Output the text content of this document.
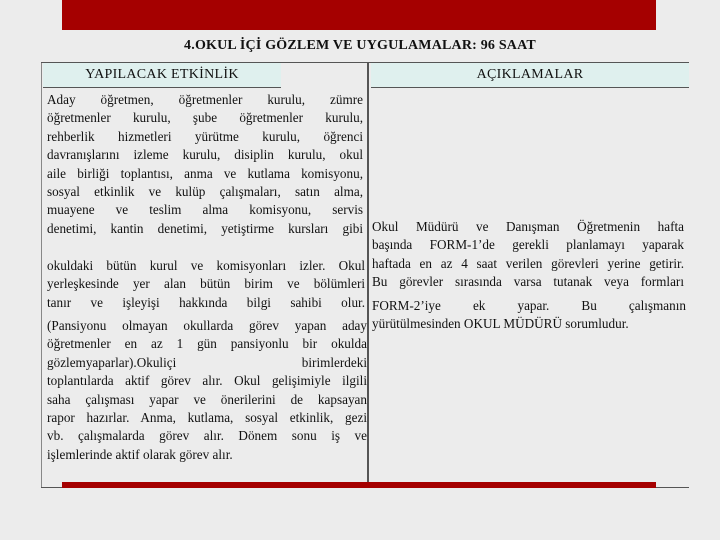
4.OKUL İÇİ GÖZLEM VE UYGULAMALAR: 96 SAAT
YAPILACAK ETKİNLİK	AÇIKLAMALAR
Aday öğretmen, öğretmenler kurulu, zümre
öğretmenler kurulu, şube öğretmenler kurulu,
rehberlik hizmetleri yürütme kurulu, öğrenci
davranışlarını izleme kurulu, disiplin kurulu, okul
aile birliği toplantısı, anma ve kutlama komisyonu,
sosyal etkinlik ve kulüp çalışmaları, satın alma,
muayene ve teslim alma komisyonu, servis
denetimi, kantin denetimi, yetiştirme kursları gibi
okuldaki bütün kurul ve komisyonları izler. Okul
yerleşkesinde yer alan bütün birim ve bölümleri
tanır ve işleyişi hakkında bilgi sahibi olur.
(Pansiyonu olmayan okullarda görev yapan aday
öğretmenler en az 1 gün pansiyonlu bir okulda
gözlemyaparlar).Okuliçi birimlerdeki
toplantılarda aktif görev alır. Okul gelişimiyle ilgili
saha çalışması yapar ve önerilerini de kapsayan
rapor hazırlar. Anma, kutlama, sosyal etkinlik, gezi
vb. çalışmalarda görev alır. Dönem sonu iş ve
işlemlerinde aktif olarak görev alır.
Okul Müdürü ve Danışman Öğretmenin hafta
başında FORM-1’de gerekli planlamayı yaparak
haftada en az 4 saat verilen görevleri yerine getirir.
Bu görevler sırasında varsa tutanak veya formları
FORM-2’iye ek yapar. Bu çalışmanın
yürütülmesinden OKUL MÜDÜRÜ sorumludur.
